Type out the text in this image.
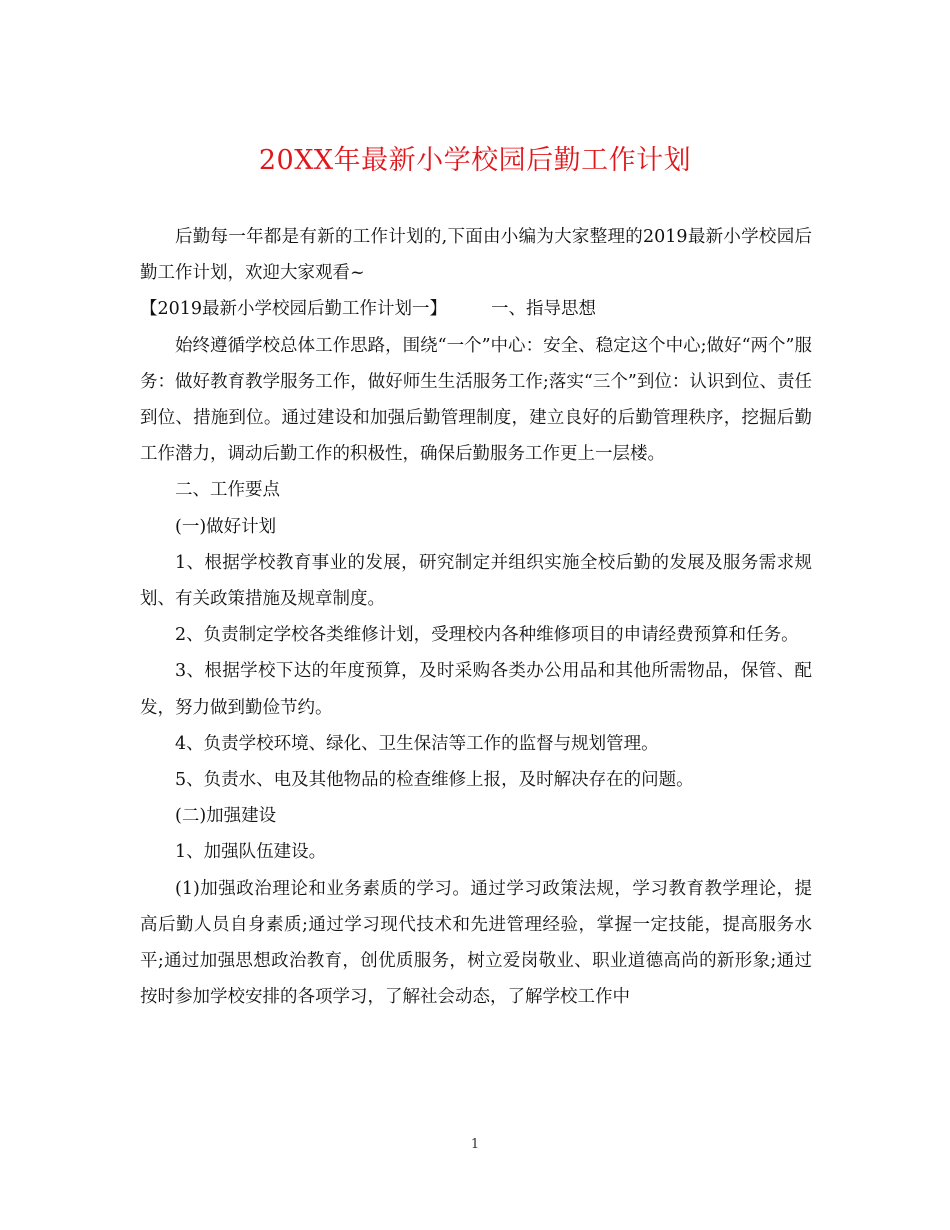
20XX年最新小学校园后勤工作计划

后勤每一年都是有新的工作计划的,下面由小编为大家整理的2019最新小学校园后勤工作计划，欢迎大家观看~

【2019最新小学校园后勤工作计划一】	一、指导思想

始终遵循学校总体工作思路，围绕“一个”中心：安全、稳定这个中心;做好“两个”服务：做好教育教学服务工作，做好师生生活服务工作;落实“三个”到位：认识到位、责任到位、措施到位。通过建设和加强后勤管理制度，建立良好的后勤管理秩序，挖掘后勤工作潜力，调动后勤工作的积极性，确保后勤服务工作更上一层楼。

二、工作要点

(一)做好计划

1、根据学校教育事业的发展，研究制定并组织实施全校后勤的发展及服务需求规划、有关政策措施及规章制度。

2、负责制定学校各类维修计划，受理校内各种维修项目的申请经费预算和任务。

3、根据学校下达的年度预算，及时采购各类办公用品和其他所需物品，保管、配发，努力做到勤俭节约。

4、负责学校环境、绿化、卫生保洁等工作的监督与规划管理。

5、负责水、电及其他物品的检查维修上报，及时解决存在的问题。

(二)加强建设

1、加强队伍建设。

(1)加强政治理论和业务素质的学习。通过学习政策法规，学习教育教学理论，提高后勤人员自身素质;通过学习现代技术和先进管理经验，掌握一定技能，提高服务水平;通过加强思想政治教育，创优质服务，树立爱岗敬业、职业道德高尚的新形象;通过按时参加学校安排的各项学习，了解社会动态，了解学校工作中

1
